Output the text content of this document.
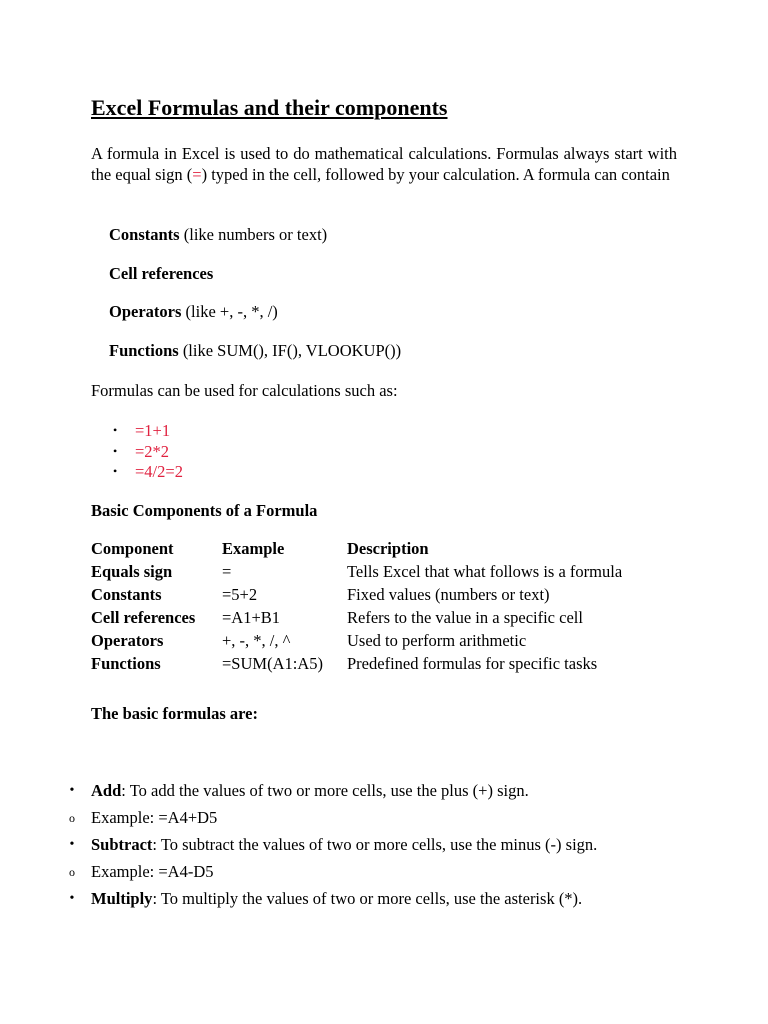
Excel Formulas and their components

A formula in Excel is used to do mathematical calculations. Formulas always start with the equal sign (=) typed in the cell, followed by your calculation. A formula can contain

Constants (like numbers or text)

Cell references

Operators (like +, -, *, /)

Functions (like SUM(), IF(), VLOOKUP())

Formulas can be used for calculations such as:

• =1+1
• =2*2
• =4/2=2

Basic Components of a Formula

Component	Example	Description
Equals sign	=	Tells Excel that what follows is a formula
Constants	=5+2	Fixed values (numbers or text)
Cell references	=A1+B1	Refers to the value in a specific cell
Operators	+, -, *, /, ^	Used to perform arithmetic
Functions	=SUM(A1:A5)	Predefined formulas for specific tasks

The basic formulas are:

• Add: To add the values of two or more cells, use the plus (+) sign.
o Example: =A4+D5
• Subtract: To subtract the values of two or more cells, use the minus (-) sign.
o Example: =A4-D5
• Multiply: To multiply the values of two or more cells, use the asterisk (*).
